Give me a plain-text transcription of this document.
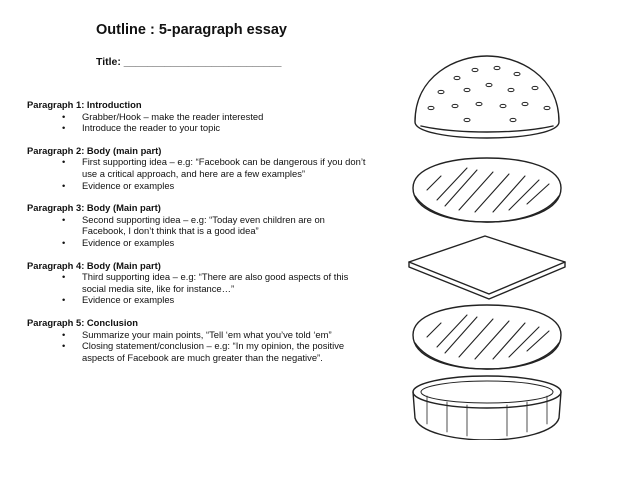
Outline : 5-paragraph essay
Title: ___________________________
Paragraph 1: Introduction
• Grabber/Hook – make the reader interested
• Introduce the reader to your topic
Paragraph 2: Body (main part)
• First supporting idea – e.g: “Facebook can be dangerous if you don’t use a critical approach, and here are a few examples”
• Evidence or examples
Paragraph 3: Body (Main part)
• Second supporting idea – e.g: “Today even children are on Facebook, I don’t think that is a good idea”
• Evidence or examples
Paragraph 4: Body (Main part)
• Third supporting idea – e.g: “There are also good aspects of this social media site, like for instance…”
• Evidence or examples
Paragraph 5: Conclusion
• Summarize your main points, “Tell ‘em what you’ve told ‘em”
• Closing statement/conclusion – e.g: “In my opinion, the positive aspects of Facebook are much greater than the negative”.
